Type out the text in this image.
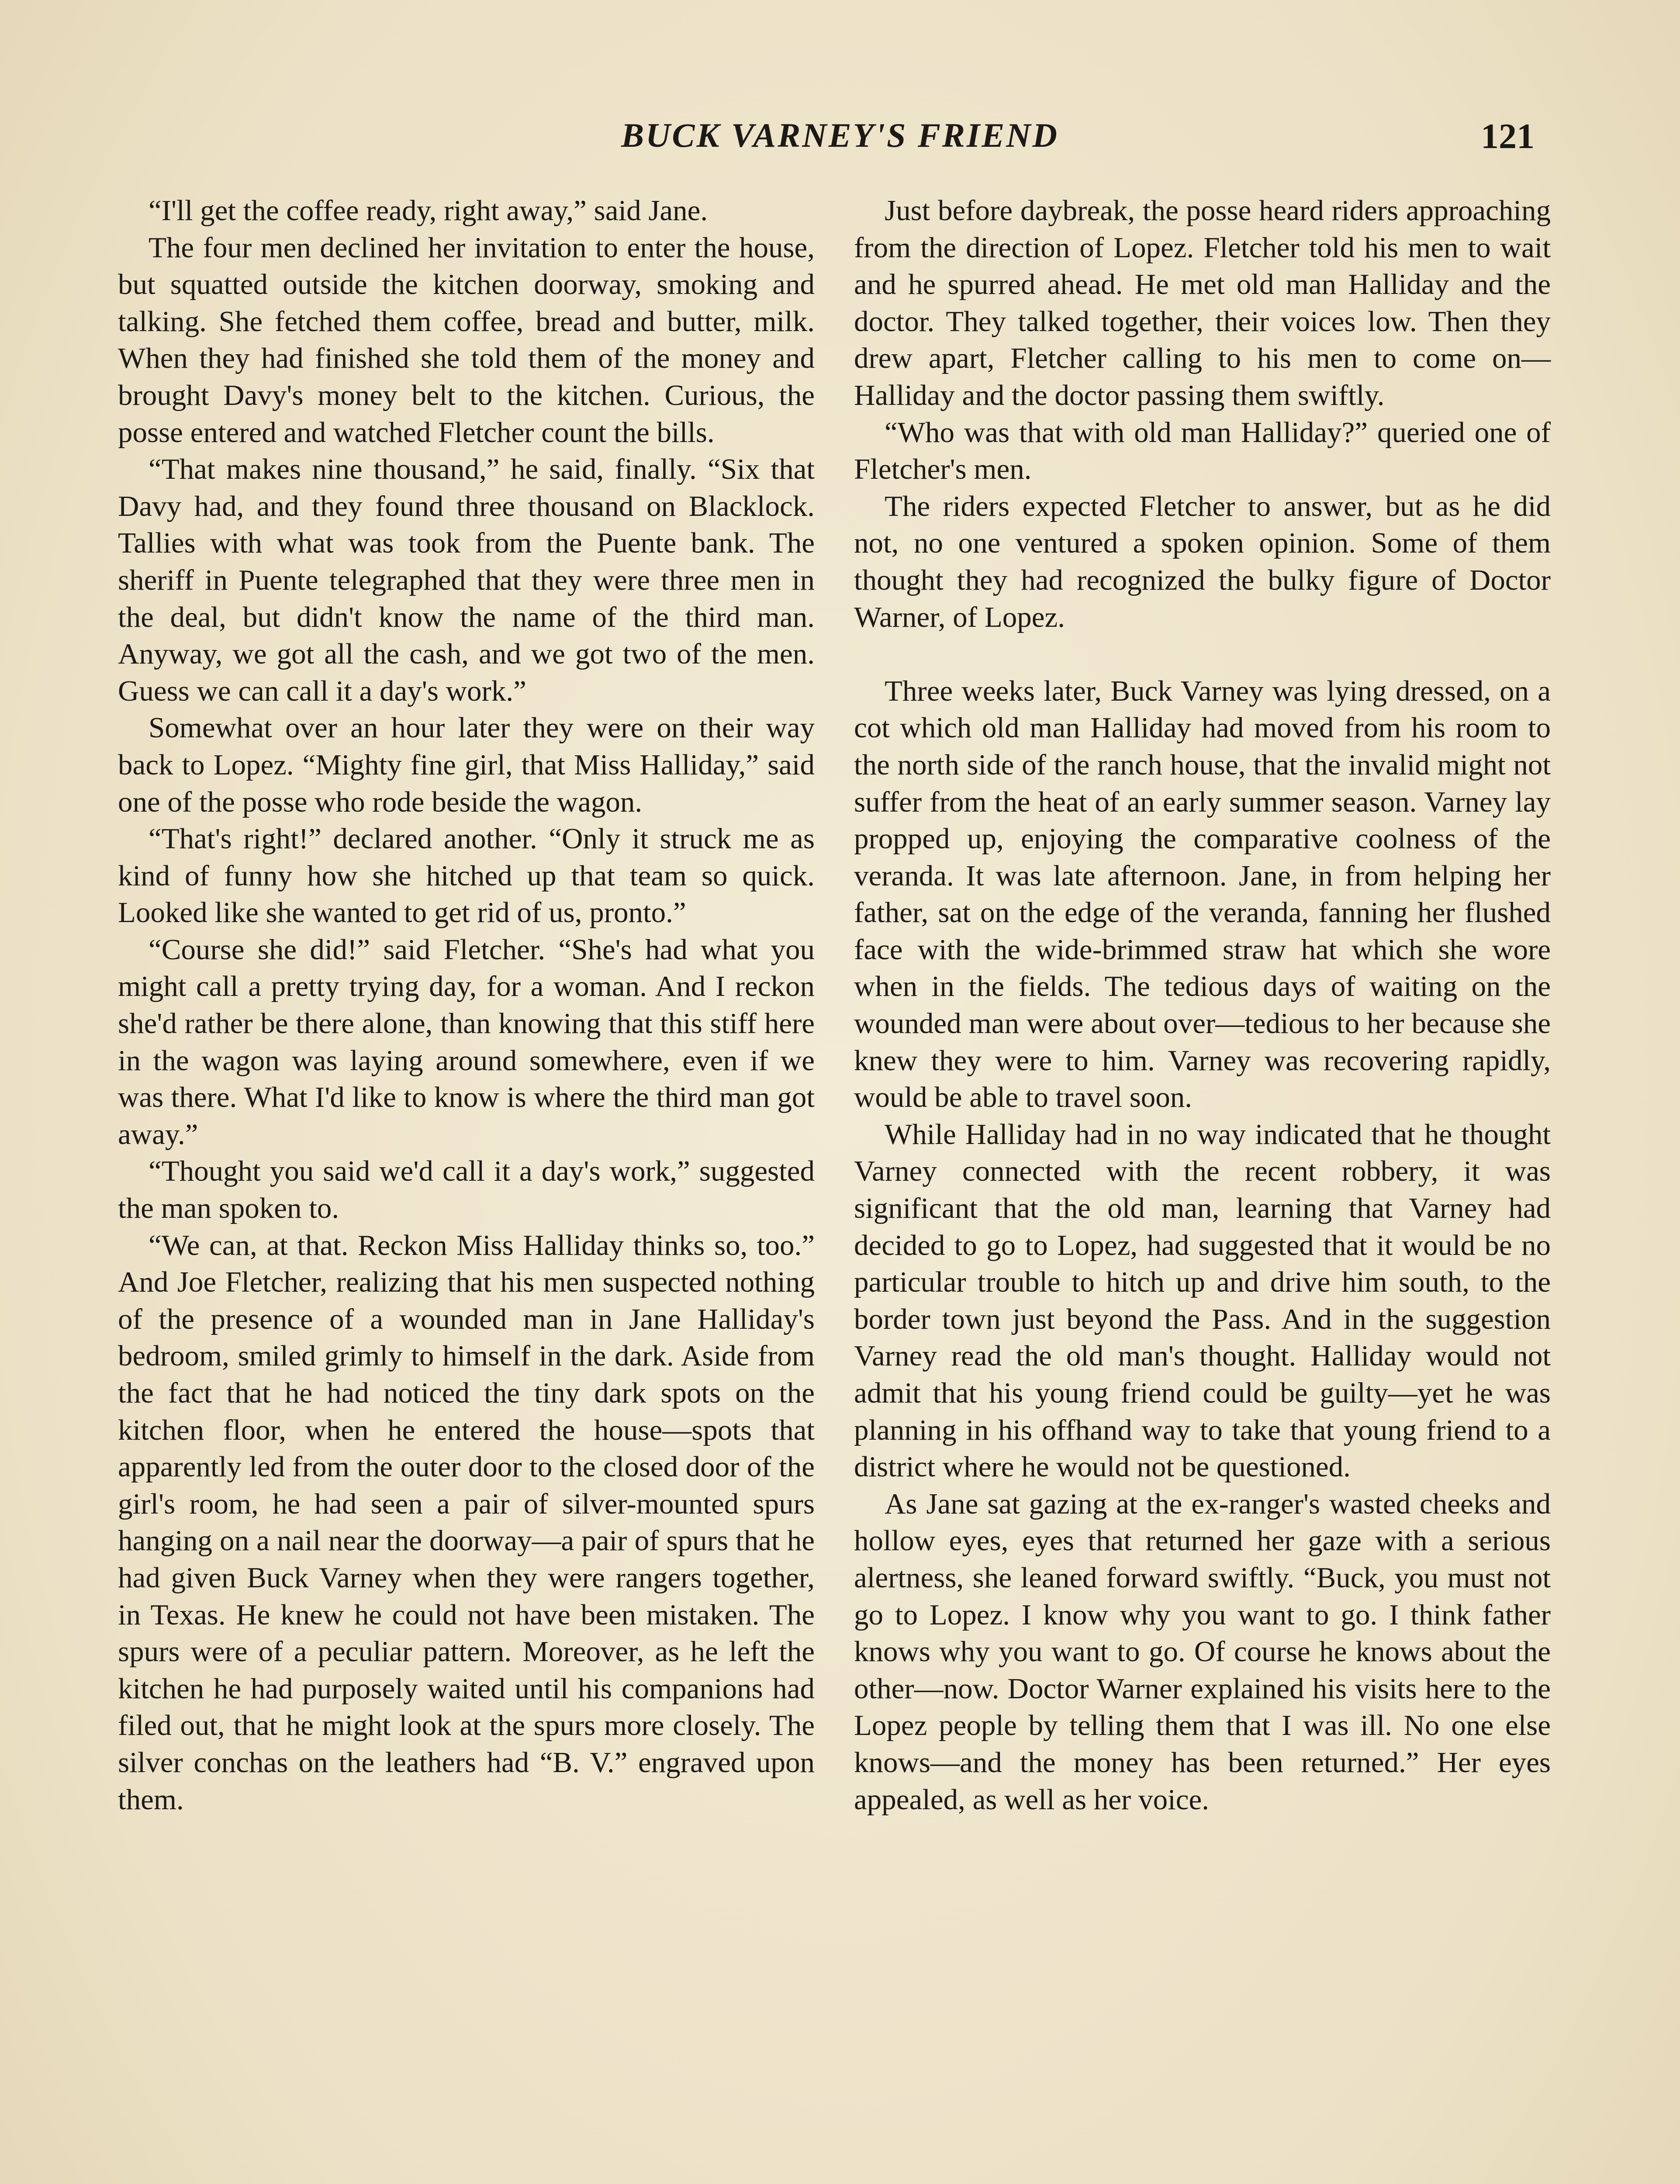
BUCK VARNEY'S FRIEND	121

“I'll get the coffee ready, right away,” said Jane.

The four men declined her invitation to enter the house, but squatted outside the kitchen doorway, smoking and talking. She fetched them coffee, bread and butter, milk. When they had finished she told them of the money and brought Davy's money belt to the kitchen. Curious, the posse entered and watched Fletcher count the bills.

“That makes nine thousand,” he said, finally. “Six that Davy had, and they found three thousand on Blacklock. Tallies with what was took from the Puente bank. The sheriff in Puente telegraphed that they were three men in the deal, but didn't know the name of the third man. Anyway, we got all the cash, and we got two of the men. Guess we can call it a day's work.”

Somewhat over an hour later they were on their way back to Lopez. “Mighty fine girl, that Miss Halliday,” said one of the posse who rode beside the wagon.

“That's right!” declared another. “Only it struck me as kind of funny how she hitched up that team so quick. Looked like she wanted to get rid of us, pronto.”

“Course she did!” said Fletcher. “She's had what you might call a pretty trying day, for a woman. And I reckon she'd rather be there alone, than knowing that this stiff here in the wagon was laying around somewhere, even if we was there. What I'd like to know is where the third man got away.”

“Thought you said we'd call it a day's work,” suggested the man spoken to.

“We can, at that. Reckon Miss Halliday thinks so, too.” And Joe Fletcher, realizing that his men suspected nothing of the presence of a wounded man in Jane Halliday's bedroom, smiled grimly to himself in the dark. Aside from the fact that he had noticed the tiny dark spots on the kitchen floor, when he entered the house—spots that apparently led from the outer door to the closed door of the girl's room, he had seen a pair of silver-mounted spurs hanging on a nail near the doorway—a pair of spurs that he had given Buck Varney when they were rangers together, in Texas. He knew he could not have been mistaken. The spurs were of a peculiar pattern. Moreover, as he left the kitchen he had purposely waited until his companions had filed out, that he might look at the spurs more closely. The silver conchas on the leathers had “B. V.” engraved upon them.

Just before daybreak, the posse heard riders approaching from the direction of Lopez. Fletcher told his men to wait and he spurred ahead. He met old man Halliday and the doctor. They talked together, their voices low. Then they drew apart, Fletcher calling to his men to come on—Halliday and the doctor passing them swiftly.

“Who was that with old man Halliday?” queried one of Fletcher's men.

The riders expected Fletcher to answer, but as he did not, no one ventured a spoken opinion. Some of them thought they had recognized the bulky figure of Doctor Warner, of Lopez.

Three weeks later, Buck Varney was lying dressed, on a cot which old man Halliday had moved from his room to the north side of the ranch house, that the invalid might not suffer from the heat of an early summer season. Varney lay propped up, enjoying the comparative coolness of the veranda. It was late afternoon. Jane, in from helping her father, sat on the edge of the veranda, fanning her flushed face with the wide-brimmed straw hat which she wore when in the fields. The tedious days of waiting on the wounded man were about over—tedious to her because she knew they were to him. Varney was recovering rapidly, would be able to travel soon.

While Halliday had in no way indicated that he thought Varney connected with the recent robbery, it was significant that the old man, learning that Varney had decided to go to Lopez, had suggested that it would be no particular trouble to hitch up and drive him south, to the border town just beyond the Pass. And in the suggestion Varney read the old man's thought. Halliday would not admit that his young friend could be guilty—yet he was planning in his offhand way to take that young friend to a district where he would not be questioned.

As Jane sat gazing at the ex-ranger's wasted cheeks and hollow eyes, eyes that returned her gaze with a serious alertness, she leaned forward swiftly. “Buck, you must not go to Lopez. I know why you want to go. I think father knows why you want to go. Of course he knows about the other—now. Doctor Warner explained his visits here to the Lopez people by telling them that I was ill. No one else knows—and the money has been returned.” Her eyes appealed, as well as her voice.
